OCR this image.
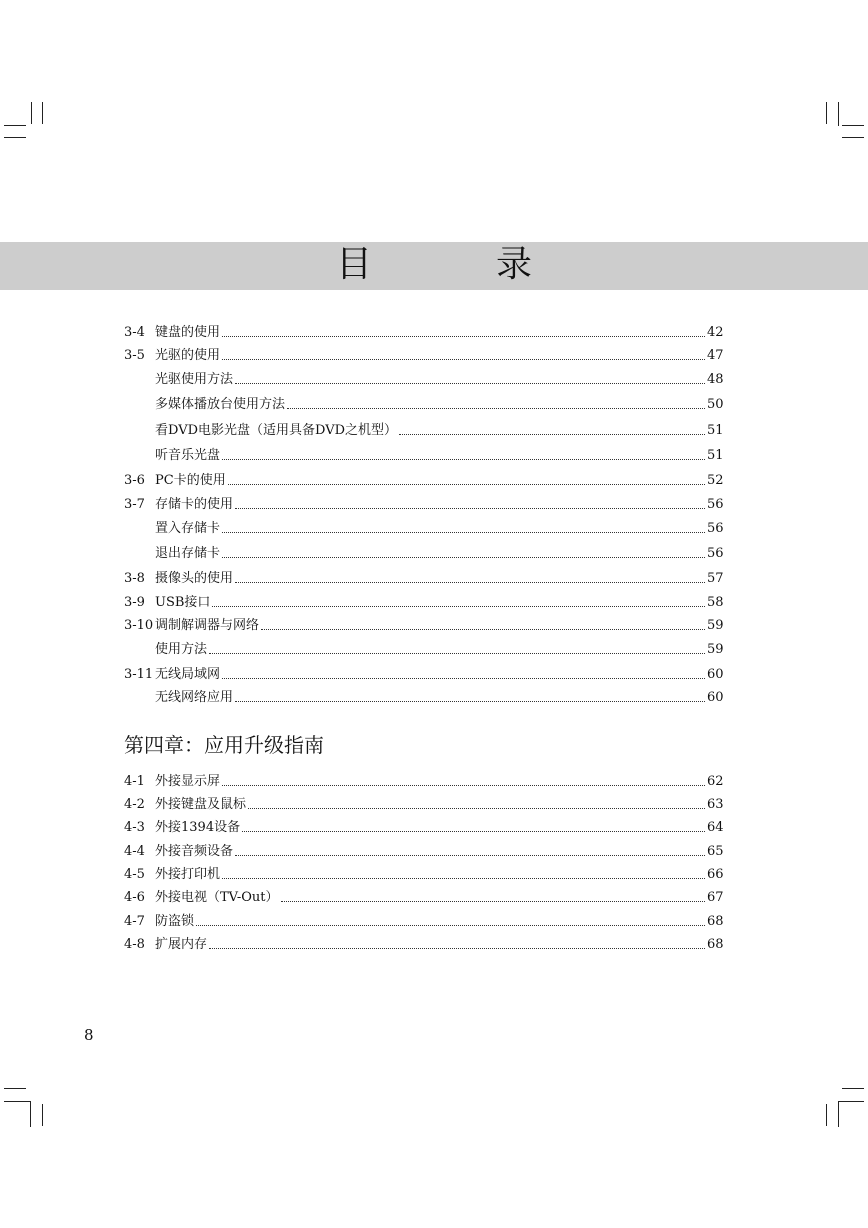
目　录
3-4 键盘的使用	42
3-5 光驱的使用	47
光驱使用方法	48
多媒体播放台使用方法	50
看DVD电影光盘（适用具备DVD之机型）	51
听音乐光盘	51
3-6 PC卡的使用	52
3-7 存储卡的使用	56
置入存储卡	56
退出存储卡	56
3-8 摄像头的使用	57
3-9 USB接口	58
3-10 调制解调器与网络	59
使用方法	59
3-11 无线局域网	60
无线网络应用	60
第四章：应用升级指南
4-1 外接显示屏	62
4-2 外接键盘及鼠标	63
4-3 外接1394设备	64
4-4 外接音频设备	65
4-5 外接打印机	66
4-6 外接电视（TV-Out）	67
4-7 防盗锁	68
4-8 扩展内存	68
8
